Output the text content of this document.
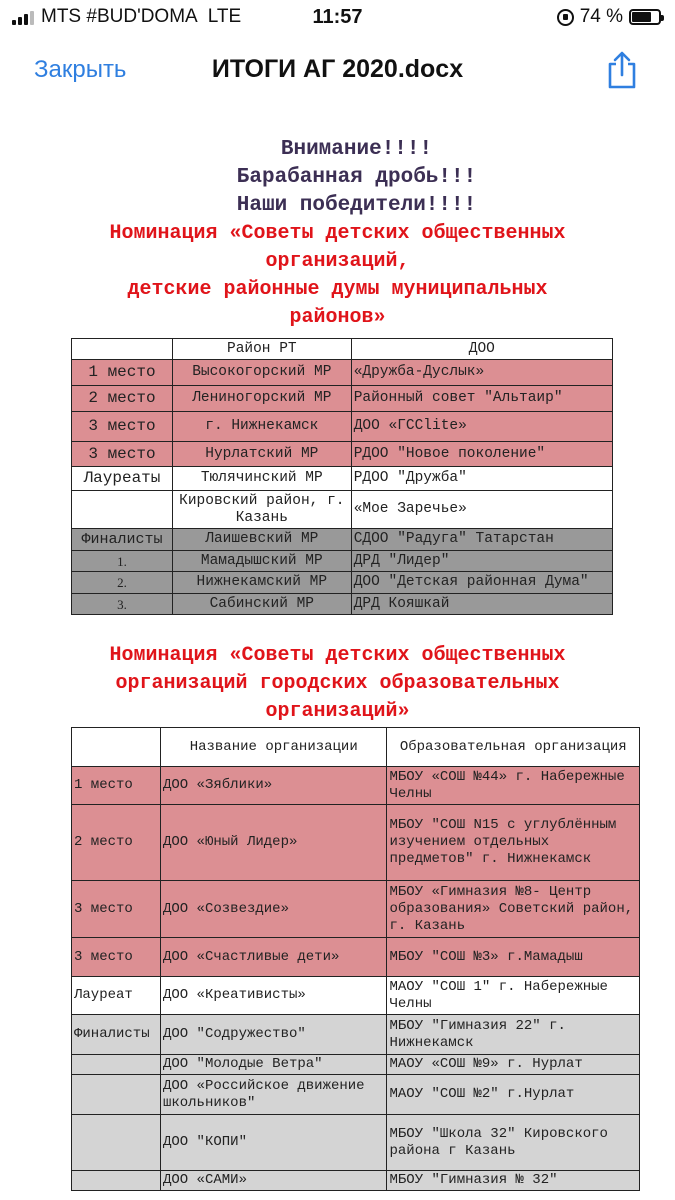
MTS #BUD'DOMA LTE	11:57	74 %
Закрыть	ИТОГИ АГ 2020.docx
Внимание!!!!
Барабанная дробь!!!
Наши победители!!!!
Номинация «Советы детских общественных
организаций,
детские районные думы муниципальных
районов»
	Район РТ	ДОО
1 место	Высокогорский МР	«Дружба-Дуслык»
2 место	Лениногорский МР	Районный совет "Альтаир"
3 место	г. Нижнекамск	ДОО «ГСClite»
3 место	Нурлатский МР	РДОО "Новое поколение"
Лауреаты	Тюлячинский МР	РДОО "Дружба"
	Кировский район, г. Казань	«Мое Заречье»
Финалисты	Лаишевский МР	СДОО "Радуга" Татарстан
1.	Мамадышский МР	ДРД "Лидер"
2.	Нижнекамский МР	ДОО "Детская районная Дума"
3.	Сабинский МР	ДРД Кояшкай
Номинация «Советы детских общественных
организаций городских образовательных
организаций»
	Название организации	Образовательная организация
1 место	ДОО «Зяблики»	МБОУ «СОШ №44» г. Набережные Челны
2 место	ДОО «Юный Лидер»	МБОУ "СОШ N15 с углублённым изучением отдельных предметов" г. Нижнекамск
3 место	ДОО «Созвездие»	МБОУ «Гимназия №8- Центр образования» Советский район, г. Казань
3 место	ДОО «Счастливые дети»	МБОУ "СОШ №3» г.Мамадыш
Лауреат	ДОО «Креативисты»	МАОУ "СОШ 1" г. Набережные Челны
Финалисты	ДОО "Содружество"	МБОУ "Гимназия 22" г. Нижнекамск
	ДОО "Молодые Ветра"	МАОУ «СОШ №9» г. Нурлат
	ДОО «Российское движение школьников"	МАОУ "СОШ №2" г.Нурлат
	ДОО "КОПИ"	МБОУ "Школа 32" Кировского района г Казань
	ДОО «САМИ»	МБОУ "Гимназия № 32"
